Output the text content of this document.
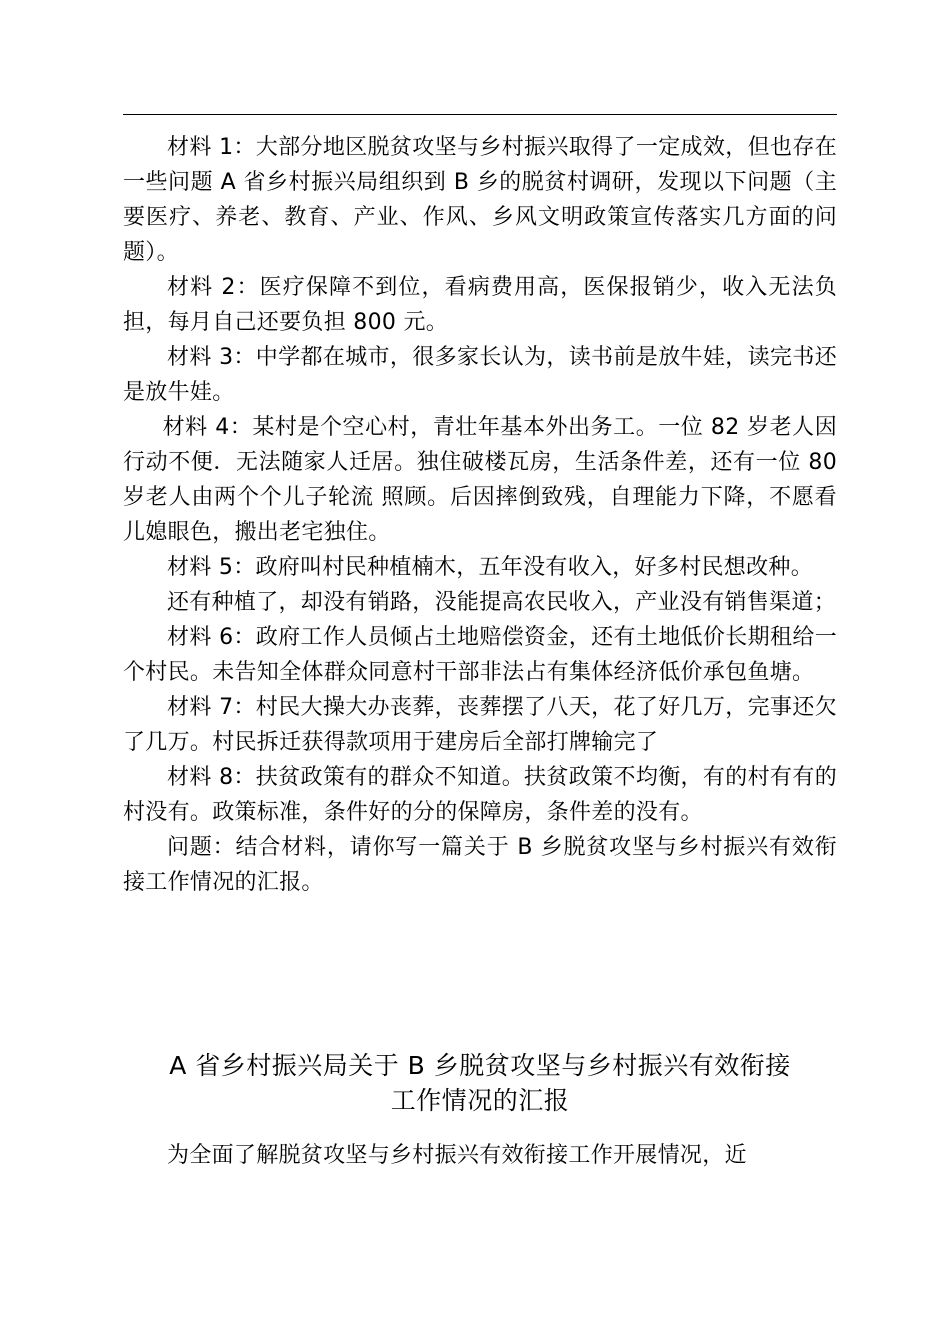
材料 1：大部分地区脱贫攻坚与乡村振兴取得了一定成效，但也存在一些问题 A 省乡村振兴局组织到 B 乡的脱贫村调研，发现以下问题（主要医疗、养老、教育、产业、作风、乡风文明政策宣传落实几方面的问题）。

材料 2：医疗保障不到位，看病费用高，医保报销少，收入无法负担，每月自己还要负担 800 元。

材料 3：中学都在城市，很多家长认为，读书前是放牛娃，读完书还是放牛娃。

材料 4：某村是个空心村，青壮年基本外出务工。一位 82 岁老人因行动不便．无法随家人迁居。独住破楼瓦房，生活条件差，还有一位 80 岁老人由两个个儿子轮流 照顾。后因摔倒致残，自理能力下降，不愿看儿媳眼色，搬出老宅独住。

材料 5：政府叫村民种植楠木，五年没有收入，好多村民想改种。

还有种植了，却没有销路，没能提高农民收入，产业没有销售渠道；

材料 6：政府工作人员倾占土地赔偿资金，还有土地低价长期租给一个村民。未告知全体群众同意村干部非法占有集体经济低价承包鱼塘。

材料 7：村民大操大办丧葬，丧葬摆了八天，花了好几万，完事还欠了几万。村民拆迁获得款项用于建房后全部打牌输完了

材料 8：扶贫政策有的群众不知道。扶贫政策不均衡，有的村有有的村没有。政策标准，条件好的分的保障房，条件差的没有。

问题：结合材料，请你写一篇关于 B 乡脱贫攻坚与乡村振兴有效衔接工作情况的汇报。

A 省乡村振兴局关于 B 乡脱贫攻坚与乡村振兴有效衔接
工作情况的汇报

为全面了解脱贫攻坚与乡村振兴有效衔接工作开展情况，近
